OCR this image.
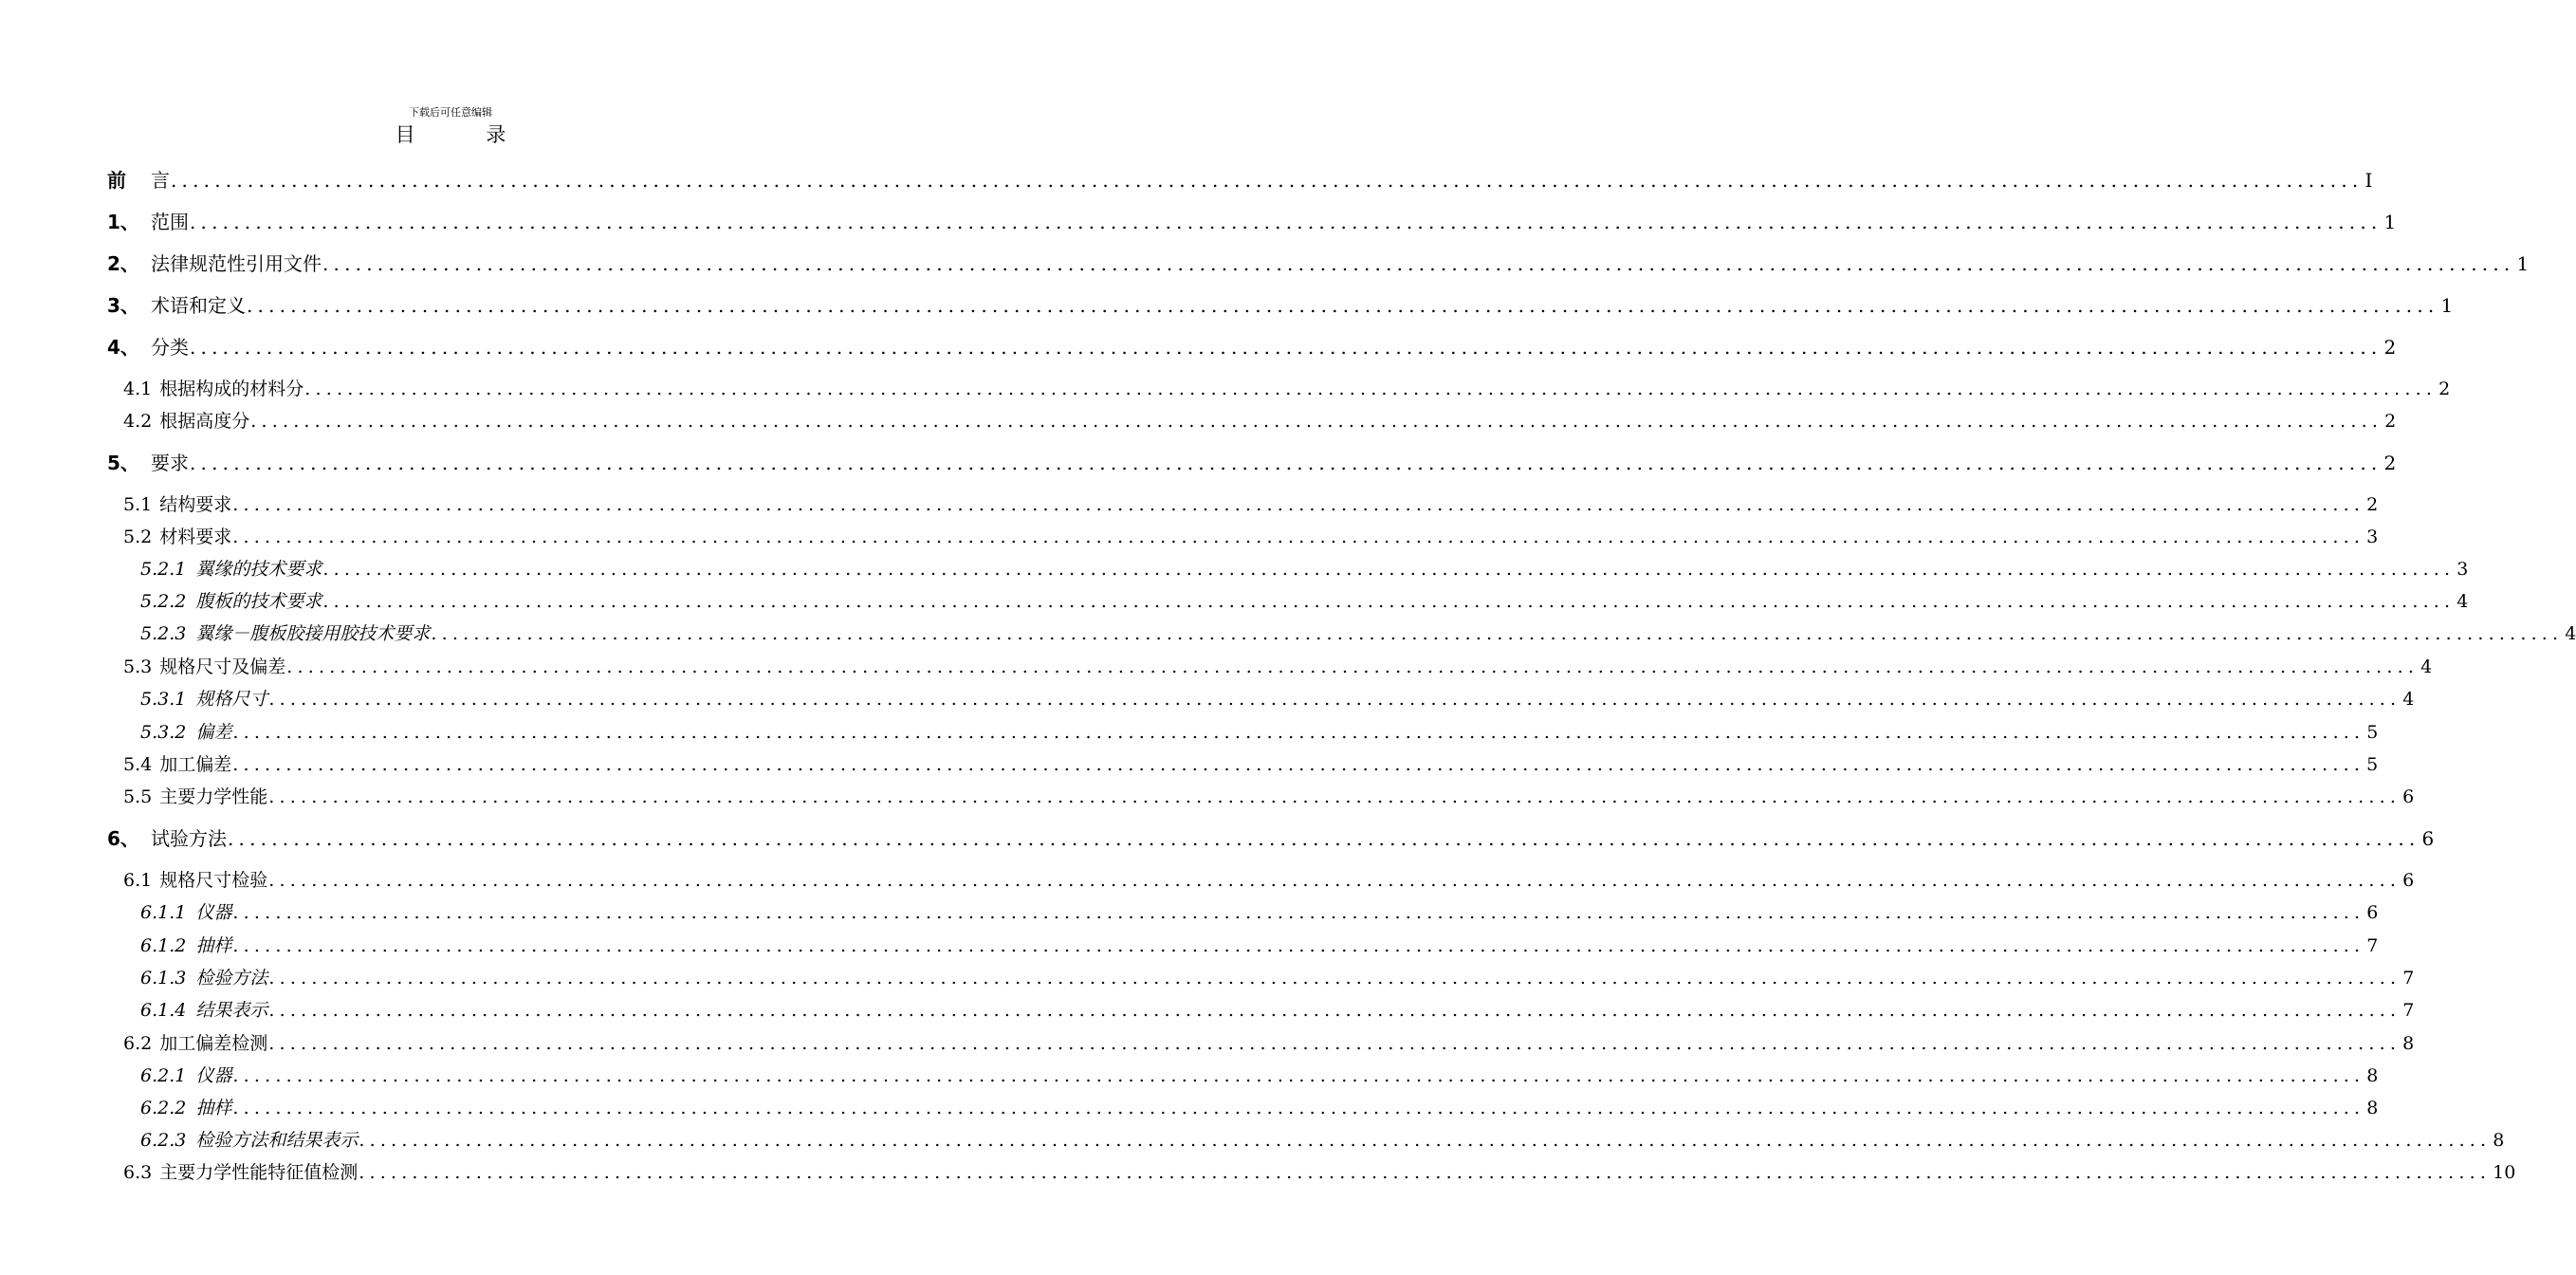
下载后可任意编辑
目 录
前 言 ........................................................................................................................................................................................................ I
1、 范围 ........................................................................................................................................................................................................ 1
2、 法律规范性引用文件 ........................................................................................................................................................................................................ 1
3、 术语和定义 ........................................................................................................................................................................................................ 1
4、 分类 ........................................................................................................................................................................................................ 2
4.1 根据构成的材料分 ........................................................................................................................................................................................................ 2
4.2 根据高度分 ........................................................................................................................................................................................................ 2
5、 要求 ........................................................................................................................................................................................................ 2
5.1 结构要求 ........................................................................................................................................................................................................ 2
5.2 材料要求 ........................................................................................................................................................................................................ 3
5.2.1 翼缘的技术要求 ........................................................................................................................................................................................................ 3
5.2.2 腹板的技术要求 ........................................................................................................................................................................................................ 4
5.2.3 翼缘－腹板胶接用胶技术要求 ........................................................................................................................................................................................................ 4
5.3 规格尺寸及偏差 ........................................................................................................................................................................................................ 4
5.3.1 规格尺寸 ........................................................................................................................................................................................................ 4
5.3.2 偏差 ........................................................................................................................................................................................................ 5
5.4 加工偏差 ........................................................................................................................................................................................................ 5
5.5 主要力学性能 ........................................................................................................................................................................................................ 6
6、 试验方法 ........................................................................................................................................................................................................ 6
6.1 规格尺寸检验 ........................................................................................................................................................................................................ 6
6.1.1 仪器 ........................................................................................................................................................................................................ 6
6.1.2 抽样 ........................................................................................................................................................................................................ 7
6.1.3 检验方法 ........................................................................................................................................................................................................ 7
6.1.4 结果表示 ........................................................................................................................................................................................................ 7
6.2 加工偏差检测 ........................................................................................................................................................................................................ 8
6.2.1 仪器 ........................................................................................................................................................................................................ 8
6.2.2 抽样 ........................................................................................................................................................................................................ 8
6.2.3 检验方法和结果表示 ........................................................................................................................................................................................................ 8
6.3 主要力学性能特征值检测 ........................................................................................................................................................................................................ 10
